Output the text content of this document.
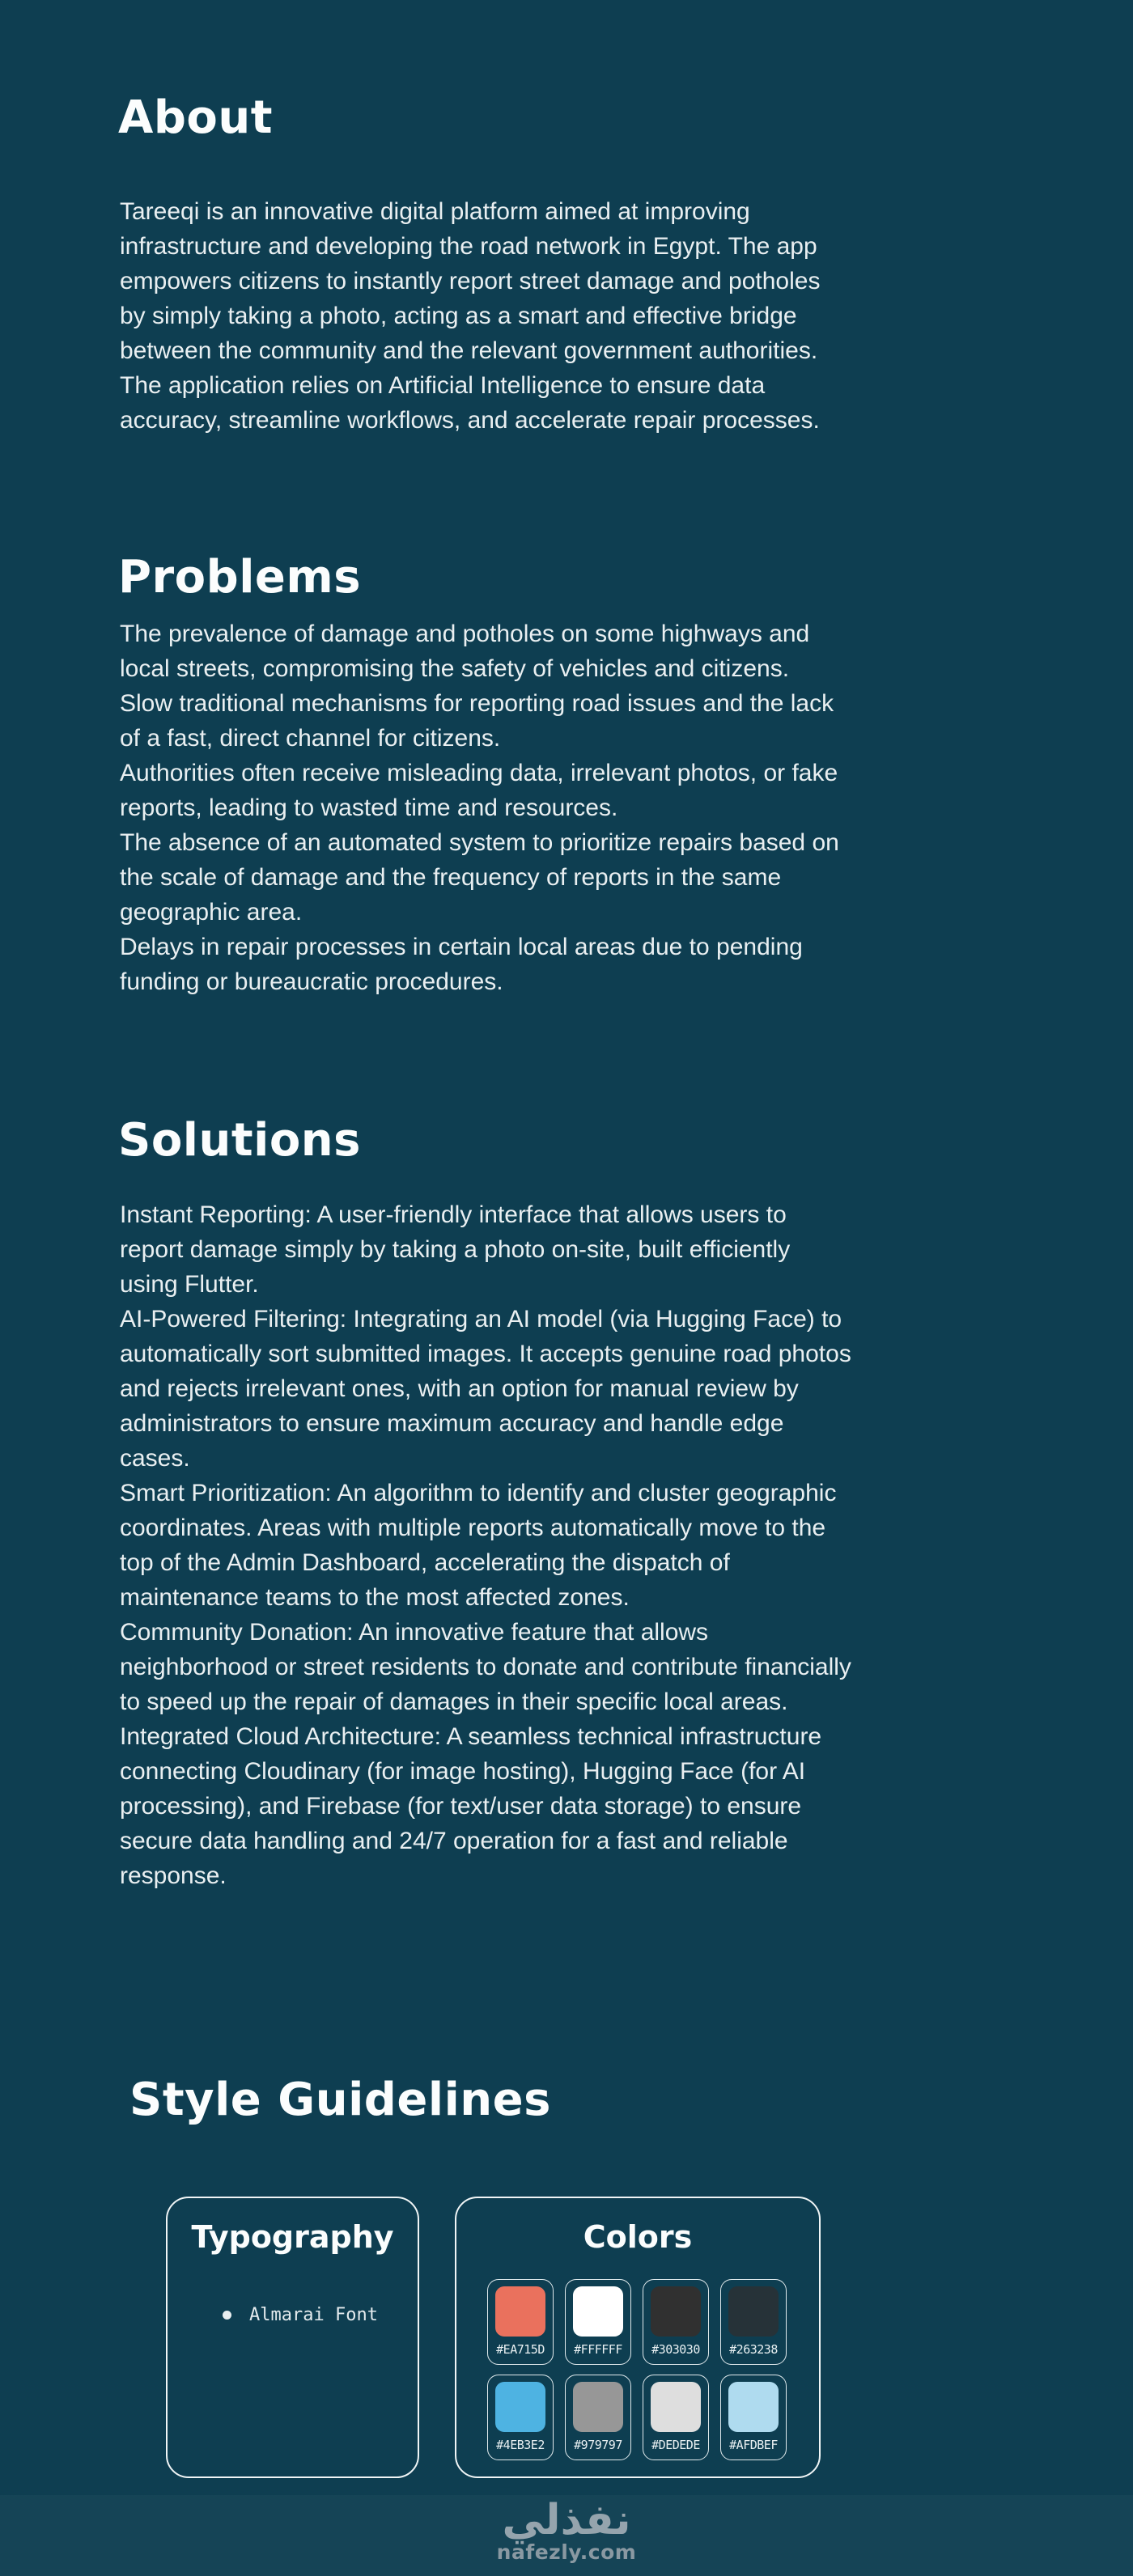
About

Tareeqi is an innovative digital platform aimed at improving infrastructure and developing the road network in Egypt. The app empowers citizens to instantly report street damage and potholes by simply taking a photo, acting as a smart and effective bridge between the community and the relevant government authorities. The application relies on Artificial Intelligence to ensure data accuracy, streamline workflows, and accelerate repair processes.

Problems

The prevalence of damage and potholes on some highways and local streets, compromising the safety of vehicles and citizens.

Slow traditional mechanisms for reporting road issues and the lack of a fast, direct channel for citizens.

Authorities often receive misleading data, irrelevant photos, or fake reports, leading to wasted time and resources.

The absence of an automated system to prioritize repairs based on the scale of damage and the frequency of reports in the same geographic area.

Delays in repair processes in certain local areas due to pending funding or bureaucratic procedures.

Solutions

Instant Reporting: A user-friendly interface that allows users to report damage simply by taking a photo on-site, built efficiently using Flutter.

AI-Powered Filtering: Integrating an AI model (via Hugging Face) to automatically sort submitted images. It accepts genuine road photos and rejects irrelevant ones, with an option for manual review by administrators to ensure maximum accuracy and handle edge cases.

Smart Prioritization: An algorithm to identify and cluster geographic coordinates. Areas with multiple reports automatically move to the top of the Admin Dashboard, accelerating the dispatch of maintenance teams to the most affected zones.

Community Donation: An innovative feature that allows neighborhood or street residents to donate and contribute financially to speed up the repair of damages in their specific local areas.

Integrated Cloud Architecture: A seamless technical infrastructure connecting Cloudinary (for image hosting), Hugging Face (for AI processing), and Firebase (for text/user data storage) to ensure secure data handling and 24/7 operation for a fast and reliable response.

Style Guidelines
Typography
Almarai Font
Colors
#EA715D #FFFFFF #303030 #263238
#4EB3E2 #979797 #DEDEDE #AFDBEF
نفذلي
nafezly.com
